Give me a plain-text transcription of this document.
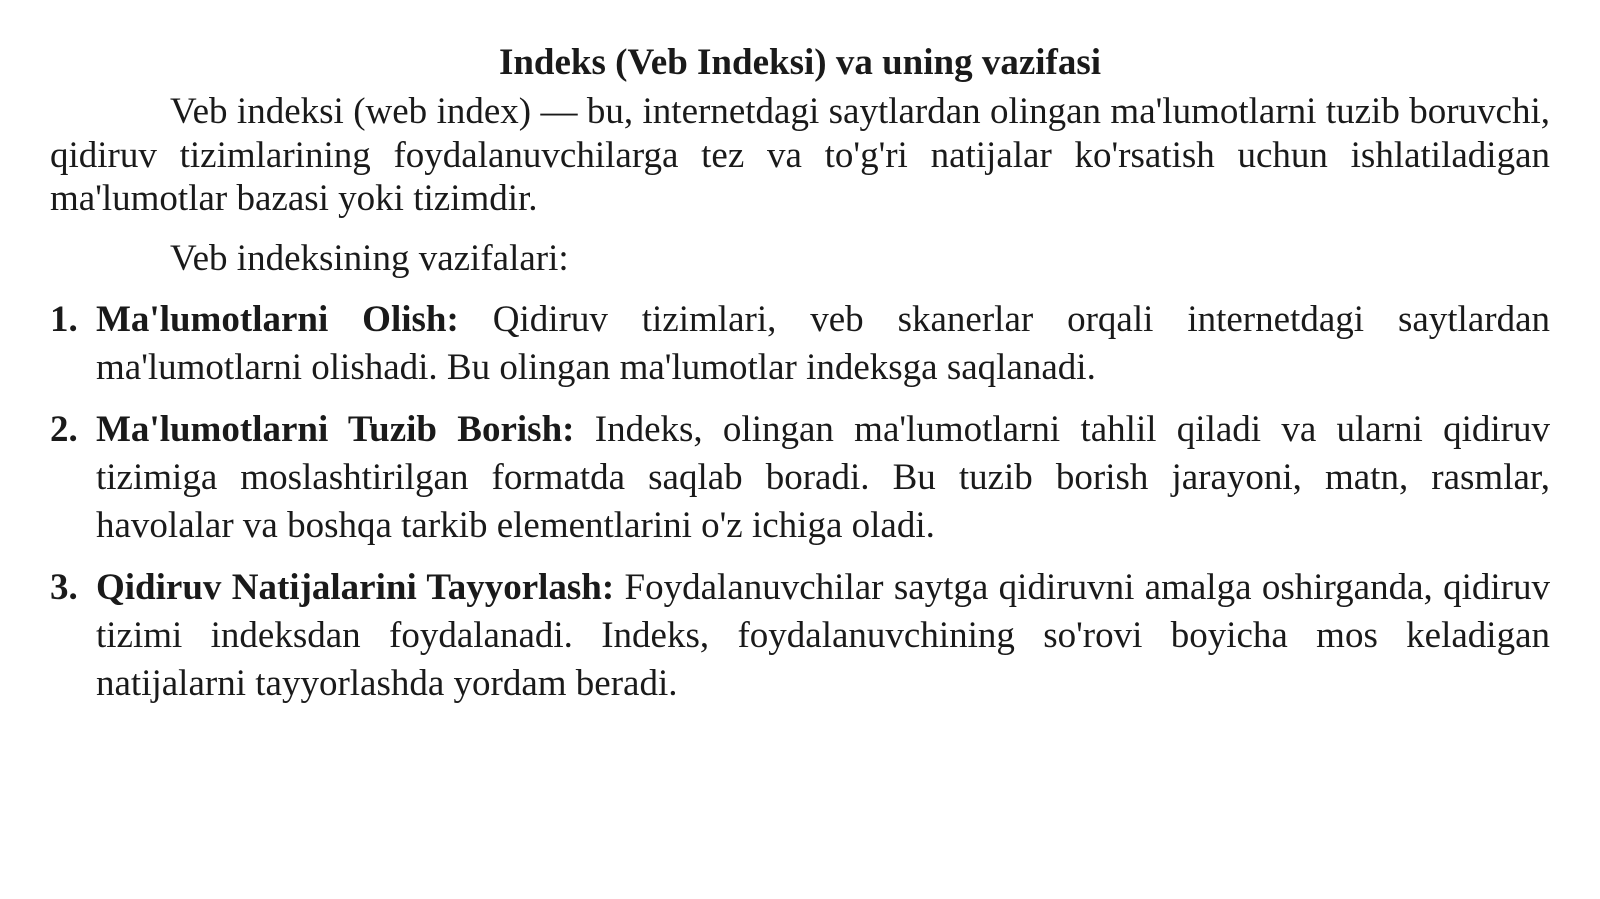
Indeks (Veb Indeksi) va uning vazifasi

Veb indeksi (web index) — bu, internetdagi saytlardan olingan ma'lumotlarni tuzib boruvchi, qidiruv tizimlarining foydalanuvchilarga tez va to'g'ri natijalar ko'rsatish uchun ishlatiladigan ma'lumotlar bazasi yoki tizimdir.

Veb indeksining vazifalari:

1. Ma'lumotlarni Olish: Qidiruv tizimlari, veb skanerlar orqali internetdagi saytlardan ma'lumotlarni olishadi. Bu olingan ma'lumotlar indeksga saqlanadi.
2. Ma'lumotlarni Tuzib Borish: Indeks, olingan ma'lumotlarni tahlil qiladi va ularni qidiruv tizimiga moslashtirilgan formatda saqlab boradi. Bu tuzib borish jarayoni, matn, rasmlar, havolalar va boshqa tarkib elementlarini o'z ichiga oladi.
3. Qidiruv Natijalarini Tayyorlash: Foydalanuvchilar saytga qidiruvni amalga oshirganda, qidiruv tizimi indeksdan foydalanadi. Indeks, foydalanuvchining so'rovi boyicha mos keladigan natijalarni tayyorlashda yordam beradi.
